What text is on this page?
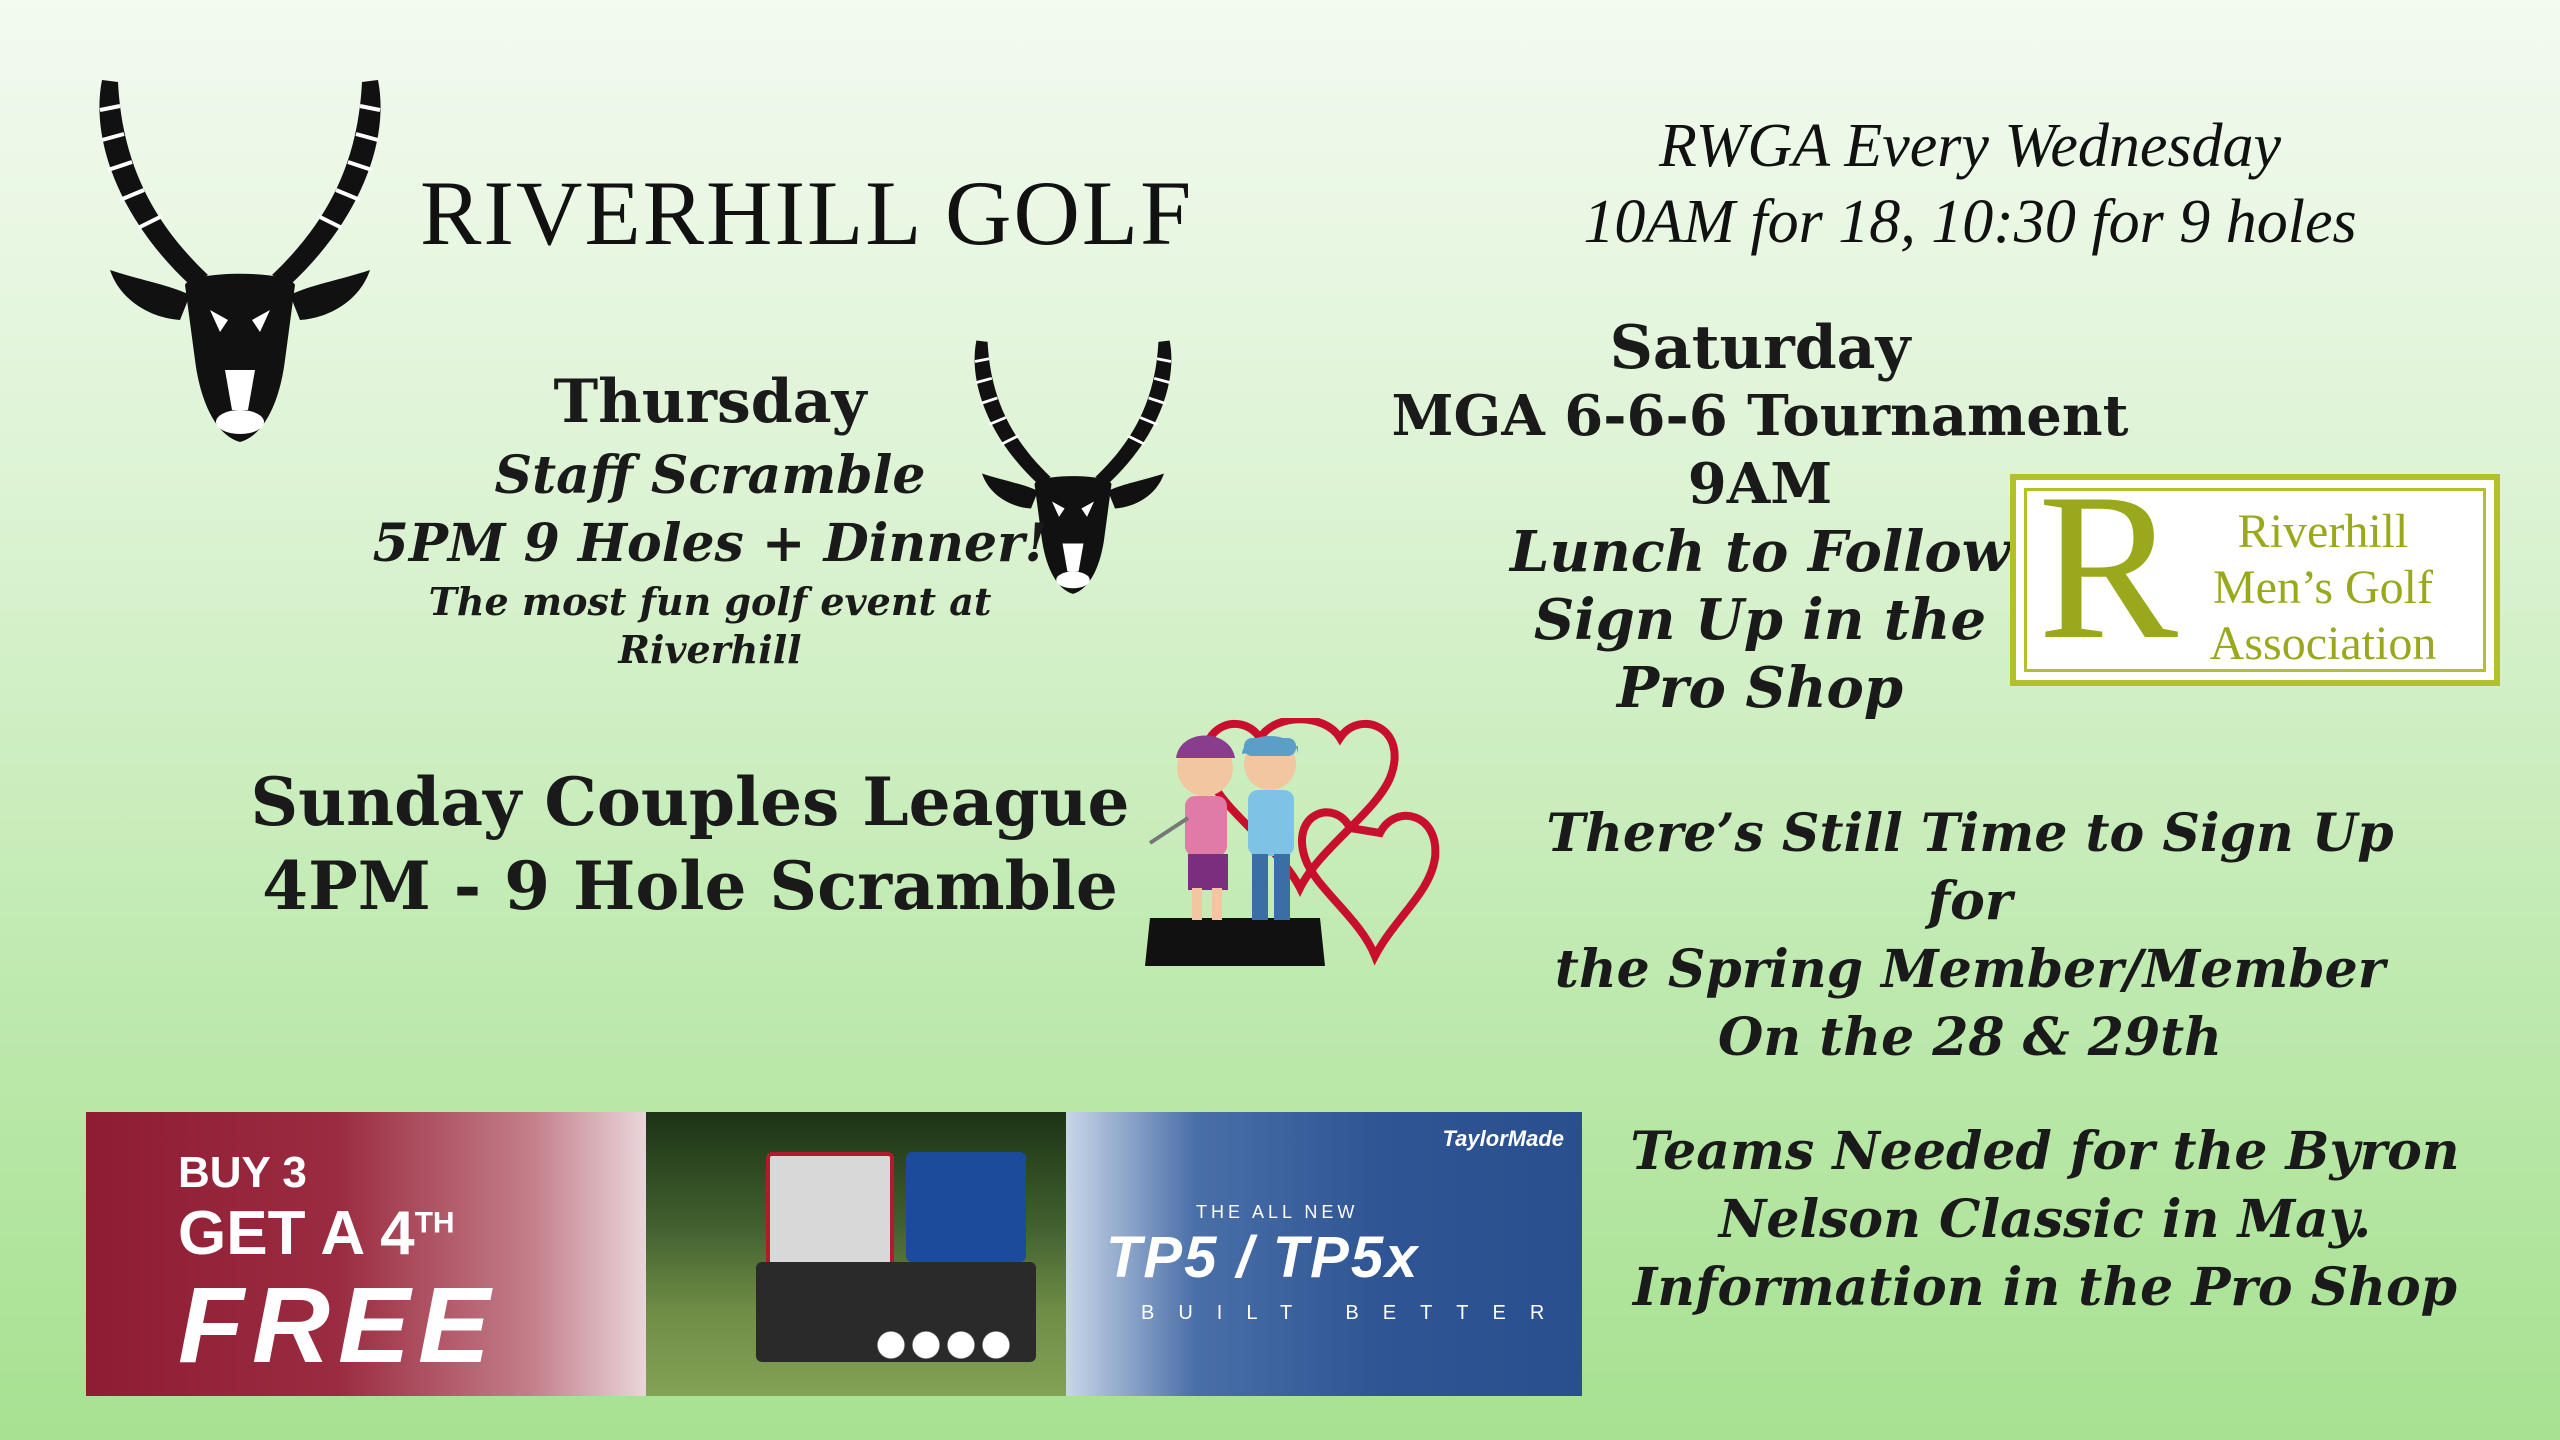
RIVERHILL GOLF
RWGA Every Wednesday
10AM for 18, 10:30 for 9 holes
Thursday
Staff Scramble
5PM 9 Holes + Dinner!
The most fun golf event at
Riverhill
Saturday
MGA 6-6-6 Tournament
9AM
Lunch to Follow
Sign Up in the
Pro Shop
R	Riverhill
Men’s Golf
Association
Sunday Couples League
4PM - 9 Hole Scramble
There’s Still Time to Sign Up for
the Spring Member/Member
On the 28 & 29th
Teams Needed for the Byron
Nelson Classic in May.
Information in the Pro Shop
BUY 3
GET A 4TH
FREE
TaylorMade
THE ALL NEW
TP5 / TP5x
BUILT BETTER
